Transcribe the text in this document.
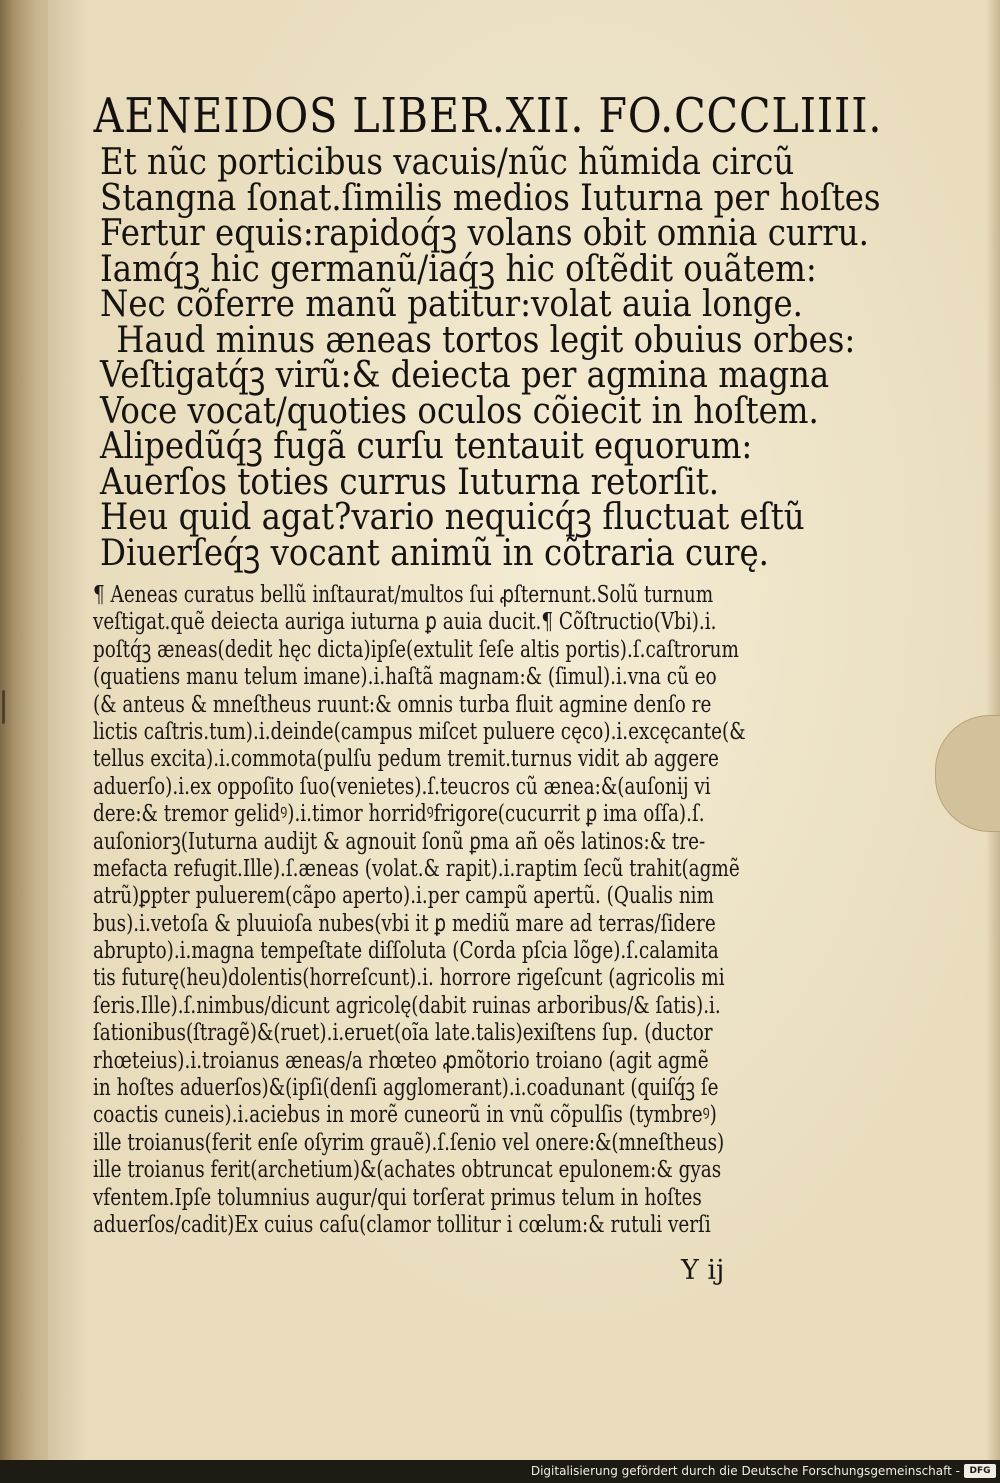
AENEIDOS LIBER.XII. FO.CCCLIIII.
Et nũc porticibus vacuis/nũc hũmida circũ
Stangna ſonat.ſimilis medios Iuturna per hoſtes
Fertur equis:rapidoq́ꝫ volans obit omnia curru.
Iamq́ꝫ hic germanũ/iaq́ꝫ hic oſtẽdit ouãtem:
Nec cõferre manũ patitur:volat auia longe.
Haud minus æneas tortos legit obuius orbes:
Veſtigatq́ꝫ virũ:& deiecta per agmina magna
Voce vocat/quoties oculos cõiecit in hoſtem.
Alipedũq́ꝫ fugã curſu tentauit equorum:
Auerſos toties currus Iuturna retorſit.
Heu quid agat?vario nequicq́ꝫ fluctuat eſtũ
Diuerſeq́ꝫ vocant animũ in cõtraria curę.
¶ Aeneas curatus bellũ inſtaurat/multos ſui ꝓſternunt.Solũ turnum
veſtigat.quẽ deiecta auriga iuturna ꝑ auia ducit.¶ Cõſtructio(Vbi).i.
poſtq́ꝫ æneas(dedit hęc dicta)ipſe(extulit ſeſe altis portis).ſ.caſtrorum
(quatiens manu telum imane).i.haſtã magnam:& (ſimul).i.vna cũ eo
(& anteus & mneſtheus ruunt:& omnis turba fluit agmine denſo re
lictis caſtris.tum).i.deinde(campus miſcet puluere cęco).i.excęcante(&
tellus excita).i.commota(pulſu pedum tremit.turnus vidit ab aggere
aduerſo).i.ex oppoſito ſuo(venietes).ſ.teucros cũ ænea:&(auſonij vi
dere:& tremor gelidꝰ).i.timor horridꝰfrigore(cucurrit ꝑ ima oſſa).ſ.
auſoniorꝫ(Iuturna audijt & agnouit ſonũ ꝑma añ oẽs latinos:& tre-
mefacta refugit.Ille).ſ.æneas (volat.& rapit).i.raptim ſecũ trahit(agmẽ
atrũ)ꝑpter puluerem(cãpo aperto).i.per campũ apertũ. (Qualis nim
bus).i.vetoſa & pluuioſa nubes(vbi it ꝑ mediũ mare ad terras/ſidere
abrupto).i.magna tempeſtate diſſoluta (Corda pſcia lõge).ſ.calamita
tis futurę(heu)dolentis(horreſcunt).i. horrore rigeſcunt (agricolis mi
ſeris.Ille).ſ.nimbus/dicunt agricolę(dabit ruinas arboribus/& ſatis).i.
ſationibus(ſtragẽ)&(ruet).i.eruet(oĩa late.talis)exiſtens ſup. (ductor
rhœteius).i.troianus æneas/a rhœteo ꝓmõtorio troiano (agit agmẽ
in hoſtes aduerſos)&(ipſi(denſi agglomerant).i.coadunant (quiſq́ꝫ ſe
coactis cuneis).i.aciebus in morẽ cuneorũ in vnũ cõpulſis (tymbreꝰ)
ille troianus(ferit enſe oſyrim grauẽ).ſ.ſenio vel onere:&(mneſtheus)
ille troianus ferit(archetium)&(achates obtruncat epulonem:& gyas
vfentem.Ipſe tolumnius augur/qui torſerat primus telum in hoſtes
aduerſos/cadit)Ex cuius caſu(clamor tollitur i cœlum:& rutuli verſi
Y ij
Digitalisierung gefördert durch die Deutsche Forschungsgemeinschaft -	DFG
